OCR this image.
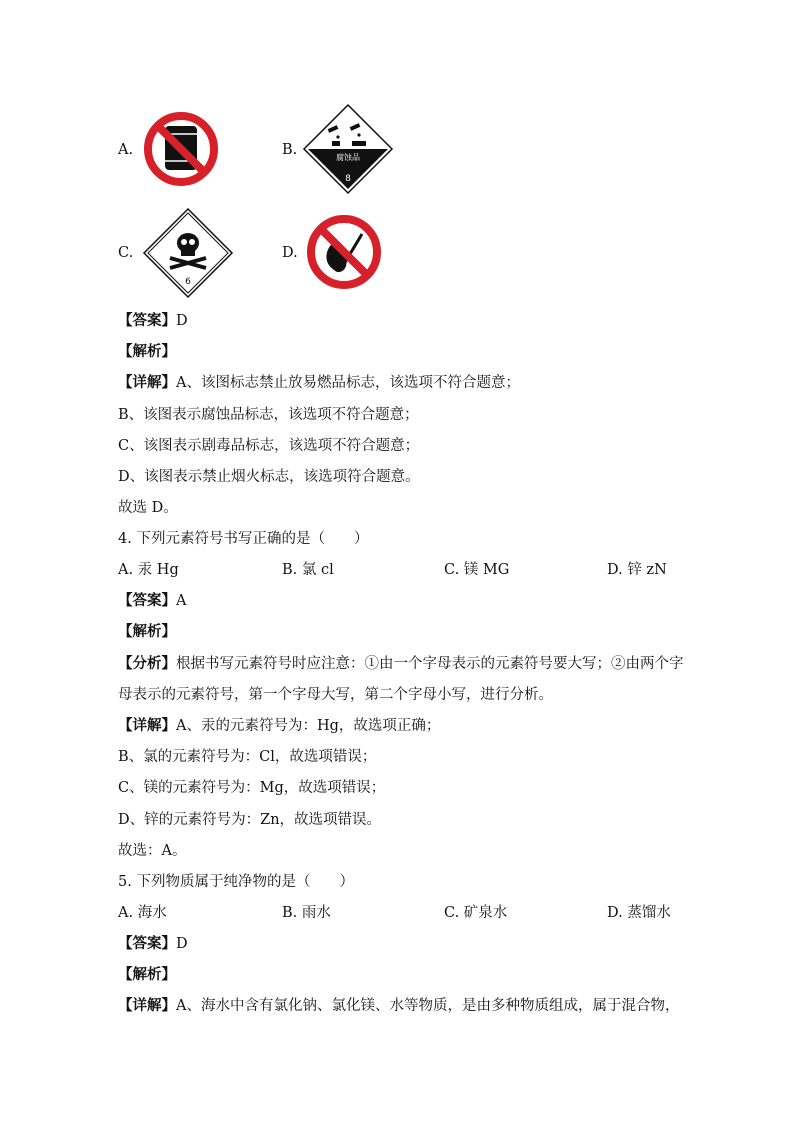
A.	B.	腐蚀品
8
C.
6
D.
【答案】D
【解析】
【详解】A、该图标志禁止放易燃品标志，该选项不符合题意；
B、该图表示腐蚀品标志，该选项不符合题意；
C、该图表示剧毒品标志，该选项不符合题意；
D、该图表示禁止烟火标志，该选项符合题意。
故选 D。
4. 下列元素符号书写正确的是（　　）
A. 汞 Hg	B. 氯 cl	C. 镁 MG	D. 锌 zN
【答案】A
【解析】
【分析】根据书写元素符号时应注意：①由一个字母表示的元素符号要大写；②由两个字
母表示的元素符号，第一个字母大写，第二个字母小写，进行分析。
【详解】A、汞的元素符号为：Hg，故选项正确；
B、氯的元素符号为：Cl，故选项错误；
C、镁的元素符号为：Mg，故选项错误；
D、锌的元素符号为：Zn，故选项错误。
故选：A。
5. 下列物质属于纯净物的是（　　）
A. 海水	B. 雨水	C. 矿泉水	D. 蒸馏水
【答案】D
【解析】
【详解】A、海水中含有氯化钠、氯化镁、水等物质，是由多种物质组成，属于混合物，
